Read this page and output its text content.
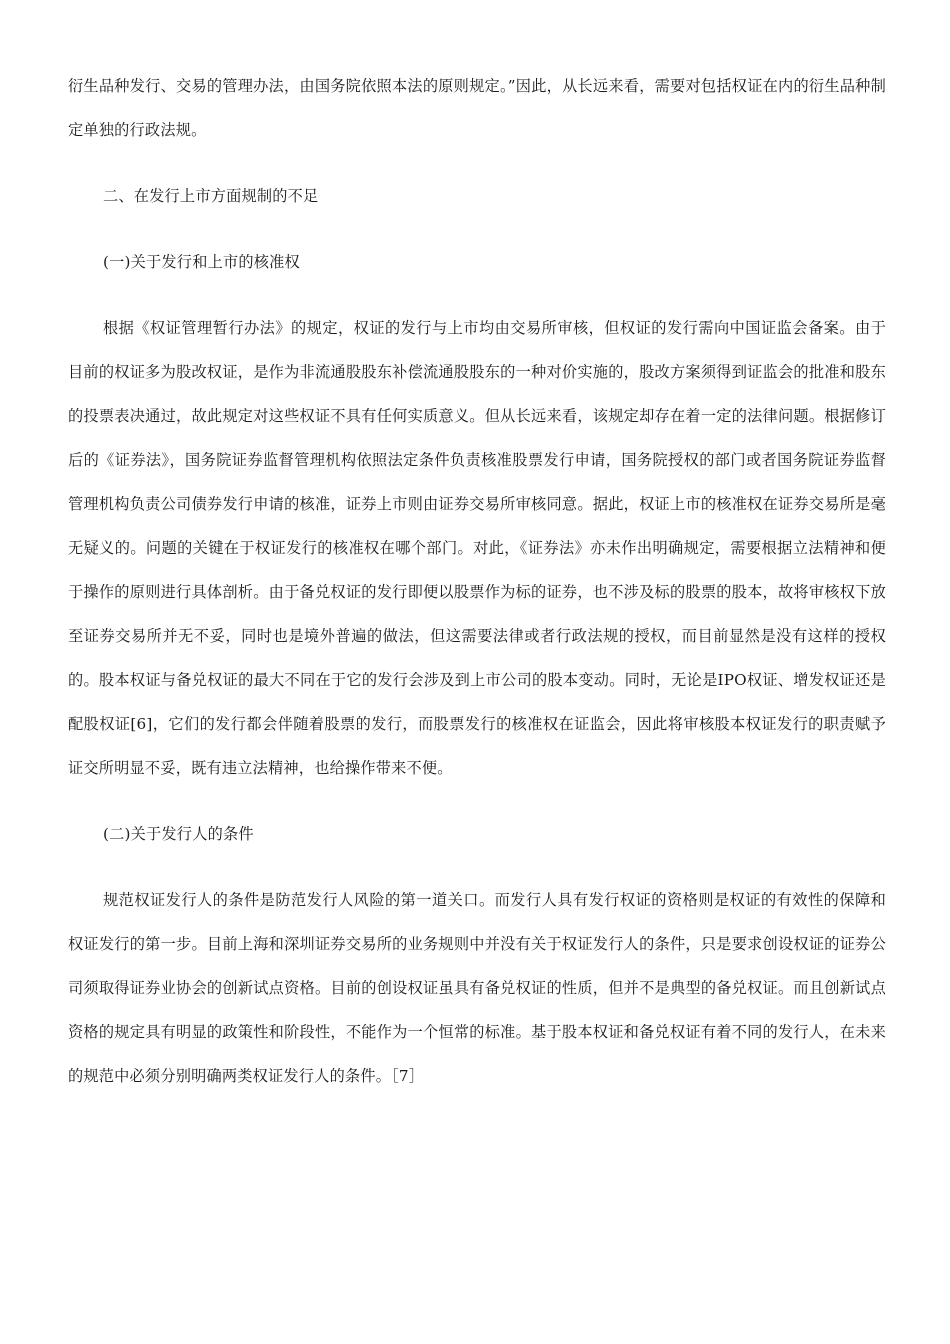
衍生品种发行、交易的管理办法，由国务院依照本法的原则规定。”因此，从长远来看，需要对包括权证在内的衍生品种制定单独的行政法规。

二、在发行上市方面规制的不足

(一)关于发行和上市的核准权

根据《权证管理暂行办法》的规定，权证的发行与上市均由交易所审核，但权证的发行需向中国证监会备案。由于目前的权证多为股改权证，是作为非流通股股东补偿流通股股东的一种对价实施的，股改方案须得到证监会的批准和股东的投票表决通过，故此规定对这些权证不具有任何实质意义。但从长远来看，该规定却存在着一定的法律问题。根据修订后的《证券法》，国务院证券监督管理机构依照法定条件负责核准股票发行申请，国务院授权的部门或者国务院证券监督管理机构负责公司债券发行申请的核准，证券上市则由证券交易所审核同意。据此，权证上市的核准权在证券交易所是毫无疑义的。问题的关键在于权证发行的核准权在哪个部门。对此，《证券法》亦未作出明确规定，需要根据立法精神和便于操作的原则进行具体剖析。由于备兑权证的发行即便以股票作为标的证券，也不涉及标的股票的股本，故将审核权下放至证券交易所并无不妥，同时也是境外普遍的做法，但这需要法律或者行政法规的授权，而目前显然是没有这样的授权的。股本权证与备兑权证的最大不同在于它的发行会涉及到上市公司的股本变动。同时，无论是IPO权证、增发权证还是配股权证[6]，它们的发行都会伴随着股票的发行，而股票发行的核准权在证监会，因此将审核股本权证发行的职责赋予证交所明显不妥，既有违立法精神，也给操作带来不便。

(二)关于发行人的条件

规范权证发行人的条件是防范发行人风险的第一道关口。而发行人具有发行权证的资格则是权证的有效性的保障和权证发行的第一步。目前上海和深圳证券交易所的业务规则中并没有关于权证发行人的条件，只是要求创设权证的证券公司须取得证券业协会的创新试点资格。目前的创设权证虽具有备兑权证的性质，但并不是典型的备兑权证。而且创新试点资格的规定具有明显的政策性和阶段性，不能作为一个恒常的标准。基于股本权证和备兑权证有着不同的发行人，在未来的规范中必须分别明确两类权证发行人的条件。［7］
